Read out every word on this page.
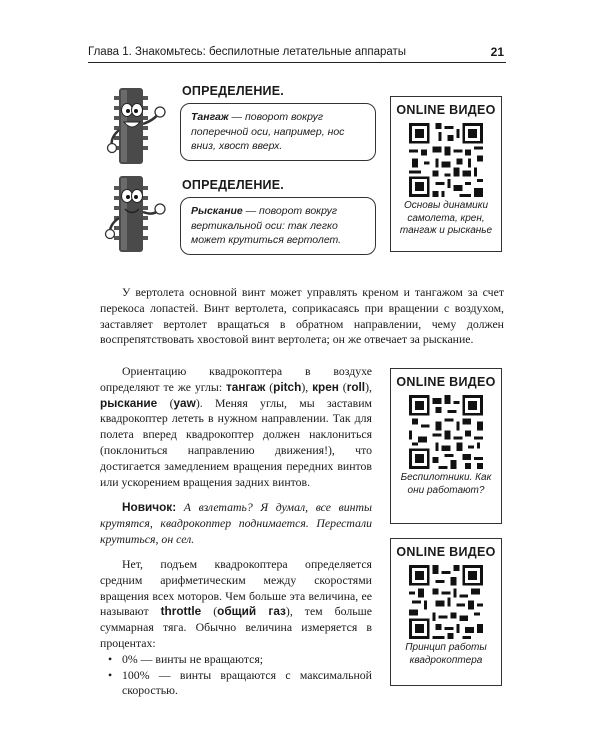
Глава 1. Знакомьтесь: беспилотные летательные аппараты	21
ОПРЕДЕЛЕНИЕ.
Тангаж — поворот вокруг поперечной оси, например, нос вниз, хвост вверх.
ОПРЕДЕЛЕНИЕ.
Рыскание — поворот вокруг вертикальной оси: так легко может крутиться вертолет.
ONLINE ВИДЕО
Основы динамики самолета, крен, тангаж и рысканье

У вертолета основной винт может управлять креном и тангажом за счет перекоса лопастей. Винт вертолета, соприкасаясь при вращении с воздухом, заставляет вертолет вращаться в обратном направлении, чему должен воспрепятствовать хвостовой винт вертолета; он же отвечает за рыскание.

Ориентацию квадрокоптера в воздухе определяют те же углы: тангаж (pitch), крен (roll), рыскание (yaw). Меняя углы, мы заставим квадрокоптер лететь в нужном направлении. Так для полета вперед квадрокоптер должен наклониться (поклониться направлению движения!), что достигается замедлением вращения передних винтов или ускорением вращения задних винтов.

ONLINE ВИДЕО
Беспилотники. Как они работают?

Новичок: А взлетать? Я думал, все винты крутятся, квадрокоптер поднимается. Перестали крутиться, он сел.

Нет, подъем квадрокоптера определяется средним арифметическим между скоростями вращения всех моторов. Чем больше эта величина, ее называют throttle (общий газ), тем больше суммарная тяга. Обычно величина измеряется в процентах:

• 0% — винты не вращаются;
• 100% — винты вращаются с максимальной скоростью.
ONLINE ВИДЕО
Принцип работы квадрокоптера
